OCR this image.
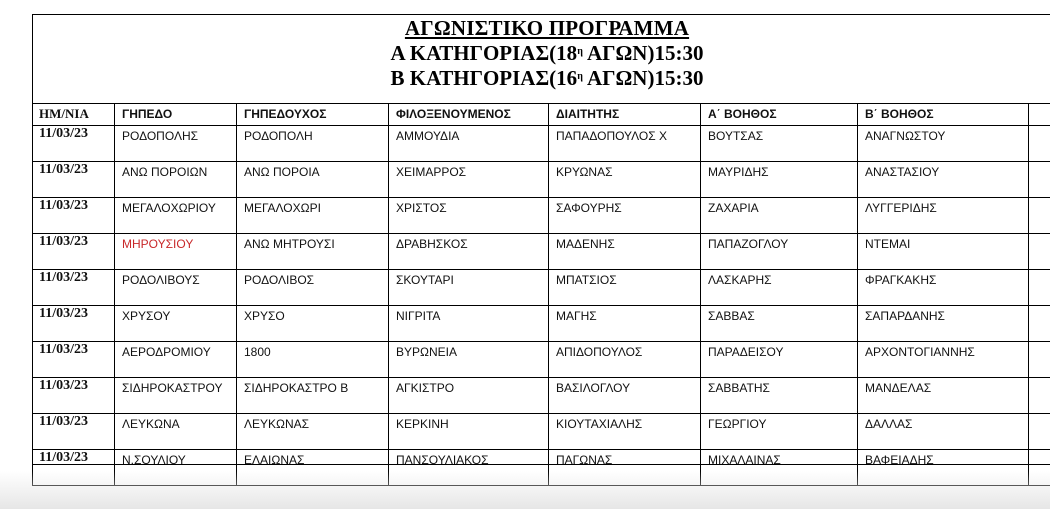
ΑΓΩΝΙΣΤΙΚΟ ΠΡΟΓΡΑΜΜΑ
Α $KATH\Gamma OPIA\Sigma(18^\eta$ ΑΓΩΝ)15:30
Β $KATH\Gamma OPIA\Sigma(16^\eta$ ΑΓΩΝ)15:30
ΗΜ/ΝΙΑ	ΓΗΠΕΔΟ	ΓΗΠΕΔΟΥΧΟΣ	ΦΙΛΟΞΕΝΟΥΜΕΝΟΣ	ΔΙΑΙΤΗΤΗΣ	Α΄ ΒΟΗΘΟΣ	Β΄ ΒΟΗΘΟΣ	
11/03/23	ΡΟΔΟΠΟΛΗΣ	ΡΟΔΟΠΟΛΗ	ΑΜΜΟΥΔΙΑ	ΠΑΠΑΔΟΠΟΥΛΟΣ Χ	ΒΟΥΤΣΑΣ	ΑΝΑΓΝΩΣΤΟΥ	
11/03/23	ΑΝΩ ΠΟΡΟΙΩΝ	ΑΝΩ ΠΟΡΟΙΑ	ΧΕΙΜΑΡΡΟΣ	ΚΡΥΩΝΑΣ	ΜΑΥΡΙΔΗΣ	ΑΝΑΣΤΑΣΙΟΥ	
11/03/23	ΜΕΓΑΛΟΧΩΡΙΟΥ	ΜΕΓΑΛΟΧΩΡΙ	ΧΡΙΣΤΟΣ	ΣΑΦΟΥΡΗΣ	ΖΑΧΑΡΙΑ	ΛΥΓΓΕΡΙΔΗΣ	
11/03/23	ΜΗΡΟΥΣΙΟΥ	ΑΝΩ ΜΗΤΡΟΥΣΙ	ΔΡΑΒΗΣΚΟΣ	ΜΑΔΕΝΗΣ	ΠΑΠΑΖΟΓΛΟΥ	ΝΤΕΜΑΙ	
11/03/23	ΡΟΔΟΛΙΒΟΥΣ	ΡΟΔΟΛΙΒΟΣ	ΣΚΟΥΤΑΡΙ	ΜΠΑΤΣΙΟΣ	ΛΑΣΚΑΡΗΣ	ΦΡΑΓΚΑΚΗΣ	
11/03/23	ΧΡΥΣΟΥ	ΧΡΥΣΟ	ΝΙΓΡΙΤΑ	ΜΑΓΗΣ	ΣΑΒΒΑΣ	ΣΑΠΑΡΔΑΝΗΣ	
11/03/23	ΑΕΡΟΔΡΟΜΙΟΥ	1800	ΒΥΡΩΝΕΙΑ	ΑΠΙΔΟΠΟΥΛΟΣ	ΠΑΡΑΔΕΙΣΟΥ	ΑΡΧΟΝΤΟΓΙΑΝΝΗΣ	
11/03/23	ΣΙΔΗΡΟΚΑΣΤΡΟΥ	ΣΙΔΗΡΟΚΑΣΤΡΟ Β	ΑΓΚΙΣΤΡΟ	ΒΑΣΙΛΟΓΛΟΥ	ΣΑΒΒΑΤΗΣ	ΜΑΝΔΕΛΑΣ	
11/03/23	ΛΕΥΚΩΝΑ	ΛΕΥΚΩΝΑΣ	ΚΕΡΚΙΝΗ	ΚΙΟΥΤΑΧΙΑΛΗΣ	ΓΕΩΡΓΙΟΥ	ΔΑΛΛΑΣ	
11/03/23	Ν.ΣΟΥΛΙΟΥ	ΕΛΑΙΩΝΑΣ	ΠΑΝΣΟΥΛΙΑΚΟΣ	ΠΑΓΩΝΑΣ	ΜΙΧΑΛΑΙΝΑΣ	ΒΑΦΕΙΑΔΗΣ	
